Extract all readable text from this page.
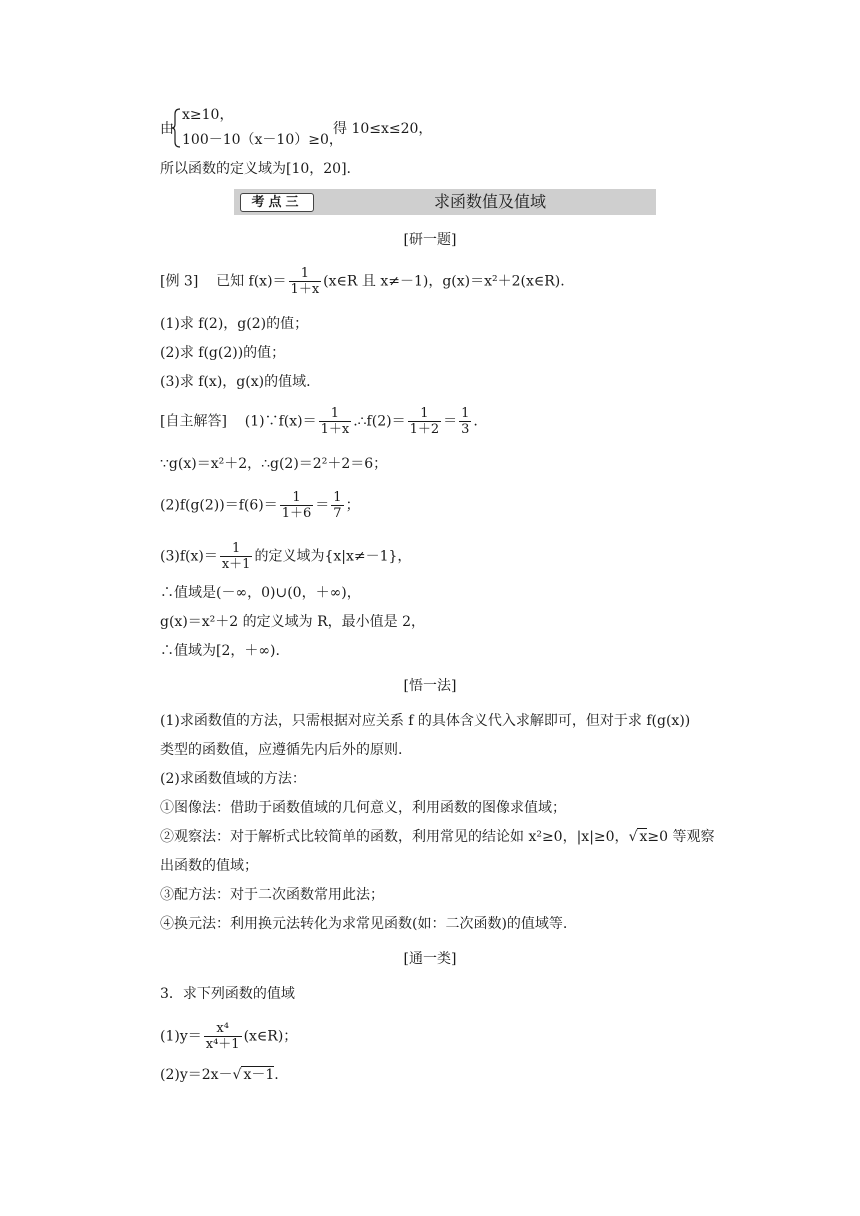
由
x≥10，
100－10（x－10）≥0，
得 10≤x≤20，
所以函数的定义域为[10，20].
考点三	求函数值及值域
[研一题]
[例 3] 已知 $f(x)= \frac{1}{1+x}$ (x∈R 且 x≠－1)，g(x)＝x²＋2(x∈R).
(1)求 f(2)，g(2)的值；
(2)求 f(g(2))的值；
(3)求 f(x)，g(x)的值域.
[自主解答] (1)∵f(x)＝ $\frac{1}{1+x}$ .∴f(2)＝ $\frac{1}{1+2} = \frac{1}{3}$ .
∵g(x)＝x²＋2，∴g(2)＝2²＋2＝6；
$(2)f(g(2))=f(6)= \frac{1}{1+6} = \frac{1}{7}$ ；
$(3)f(x)= \frac{1}{x+1}$ 的定义域为{x|x≠－1}，
∴值域是(－∞，0)∪(0，＋∞)，
g(x)＝x²＋2 的定义域为 R，最小值是 2，
∴值域为[2，＋∞).
[悟一法]
(1)求函数值的方法，只需根据对应关系 f 的具体含义代入求解即可，但对于求 f(g(x))
类型的函数值，应遵循先内后外的原则.
(2)求函数值域的方法：
①图像法：借助于函数值域的几何意义，利用函数的图像求值域；
②观察法：对于解析式比较简单的函数，利用常见的结论如 x²≥0，|x|≥0，√ x≥0 等观察
出函数的值域；
③配方法：对于二次函数常用此法；
④换元法：利用换元法转化为求常见函数(如：二次函数)的值域等.
[通一类]
3．求下列函数的值域
$(1)y= \frac{\text{x⁴}}{\text{x⁴＋1}}$ (x∈R)；
(2)y＝2x－√ x－1.
